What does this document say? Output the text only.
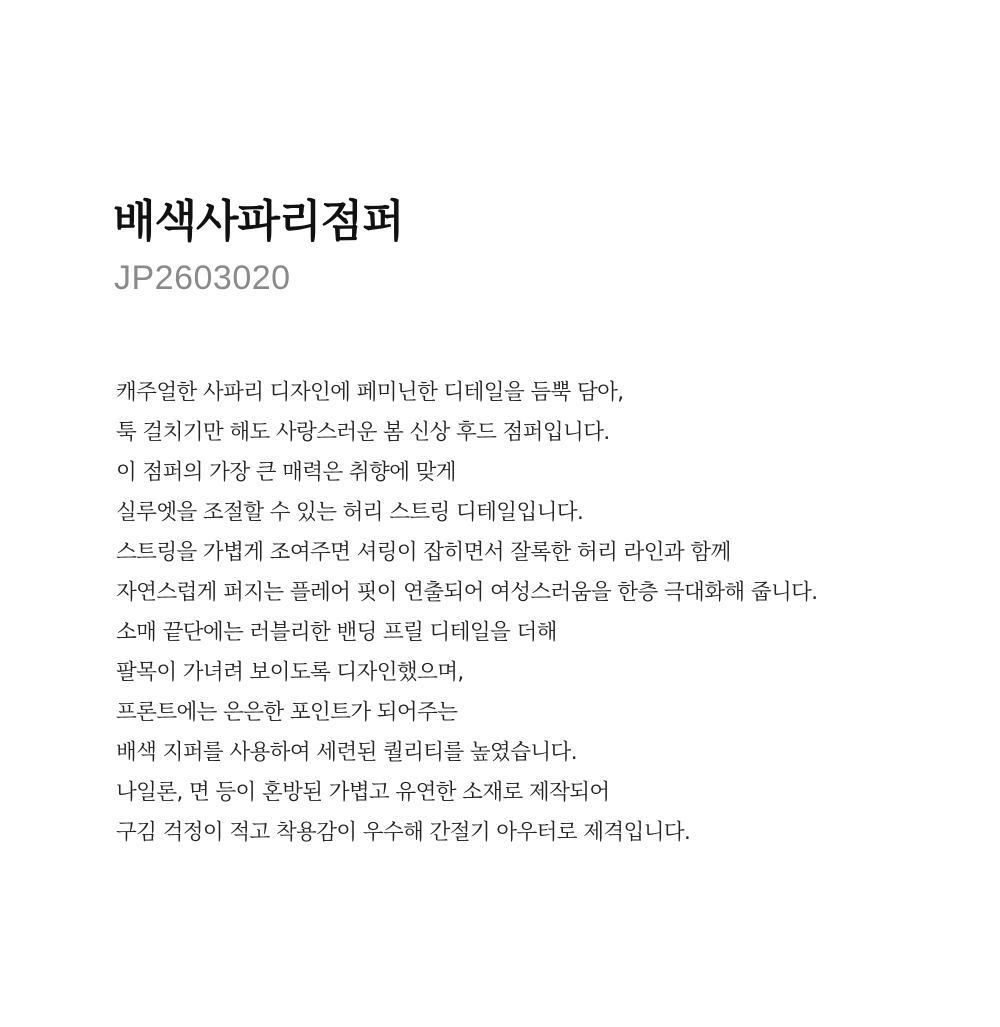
배색사파리점퍼

JP2603020

캐주얼한 사파리 디자인에 페미닌한 디테일을 듬뿍 담아,
툭 걸치기만 해도 사랑스러운 봄 신상 후드 점퍼입니다.
이 점퍼의 가장 큰 매력은 취향에 맞게
실루엣을 조절할 수 있는 허리 스트링 디테일입니다.
스트링을 가볍게 조여주면 셔링이 잡히면서 잘록한 허리 라인과 함께
자연스럽게 퍼지는 플레어 핏이 연출되어 여성스러움을 한층 극대화해 줍니다.
소매 끝단에는 러블리한 밴딩 프릴 디테일을 더해
팔목이 가녀려 보이도록 디자인했으며,
프론트에는 은은한 포인트가 되어주는
배색 지퍼를 사용하여 세련된 퀄리티를 높였습니다.
나일론, 면 등이 혼방된 가볍고 유연한 소재로 제작되어
구김 걱정이 적고 착용감이 우수해 간절기 아우터로 제격입니다.
